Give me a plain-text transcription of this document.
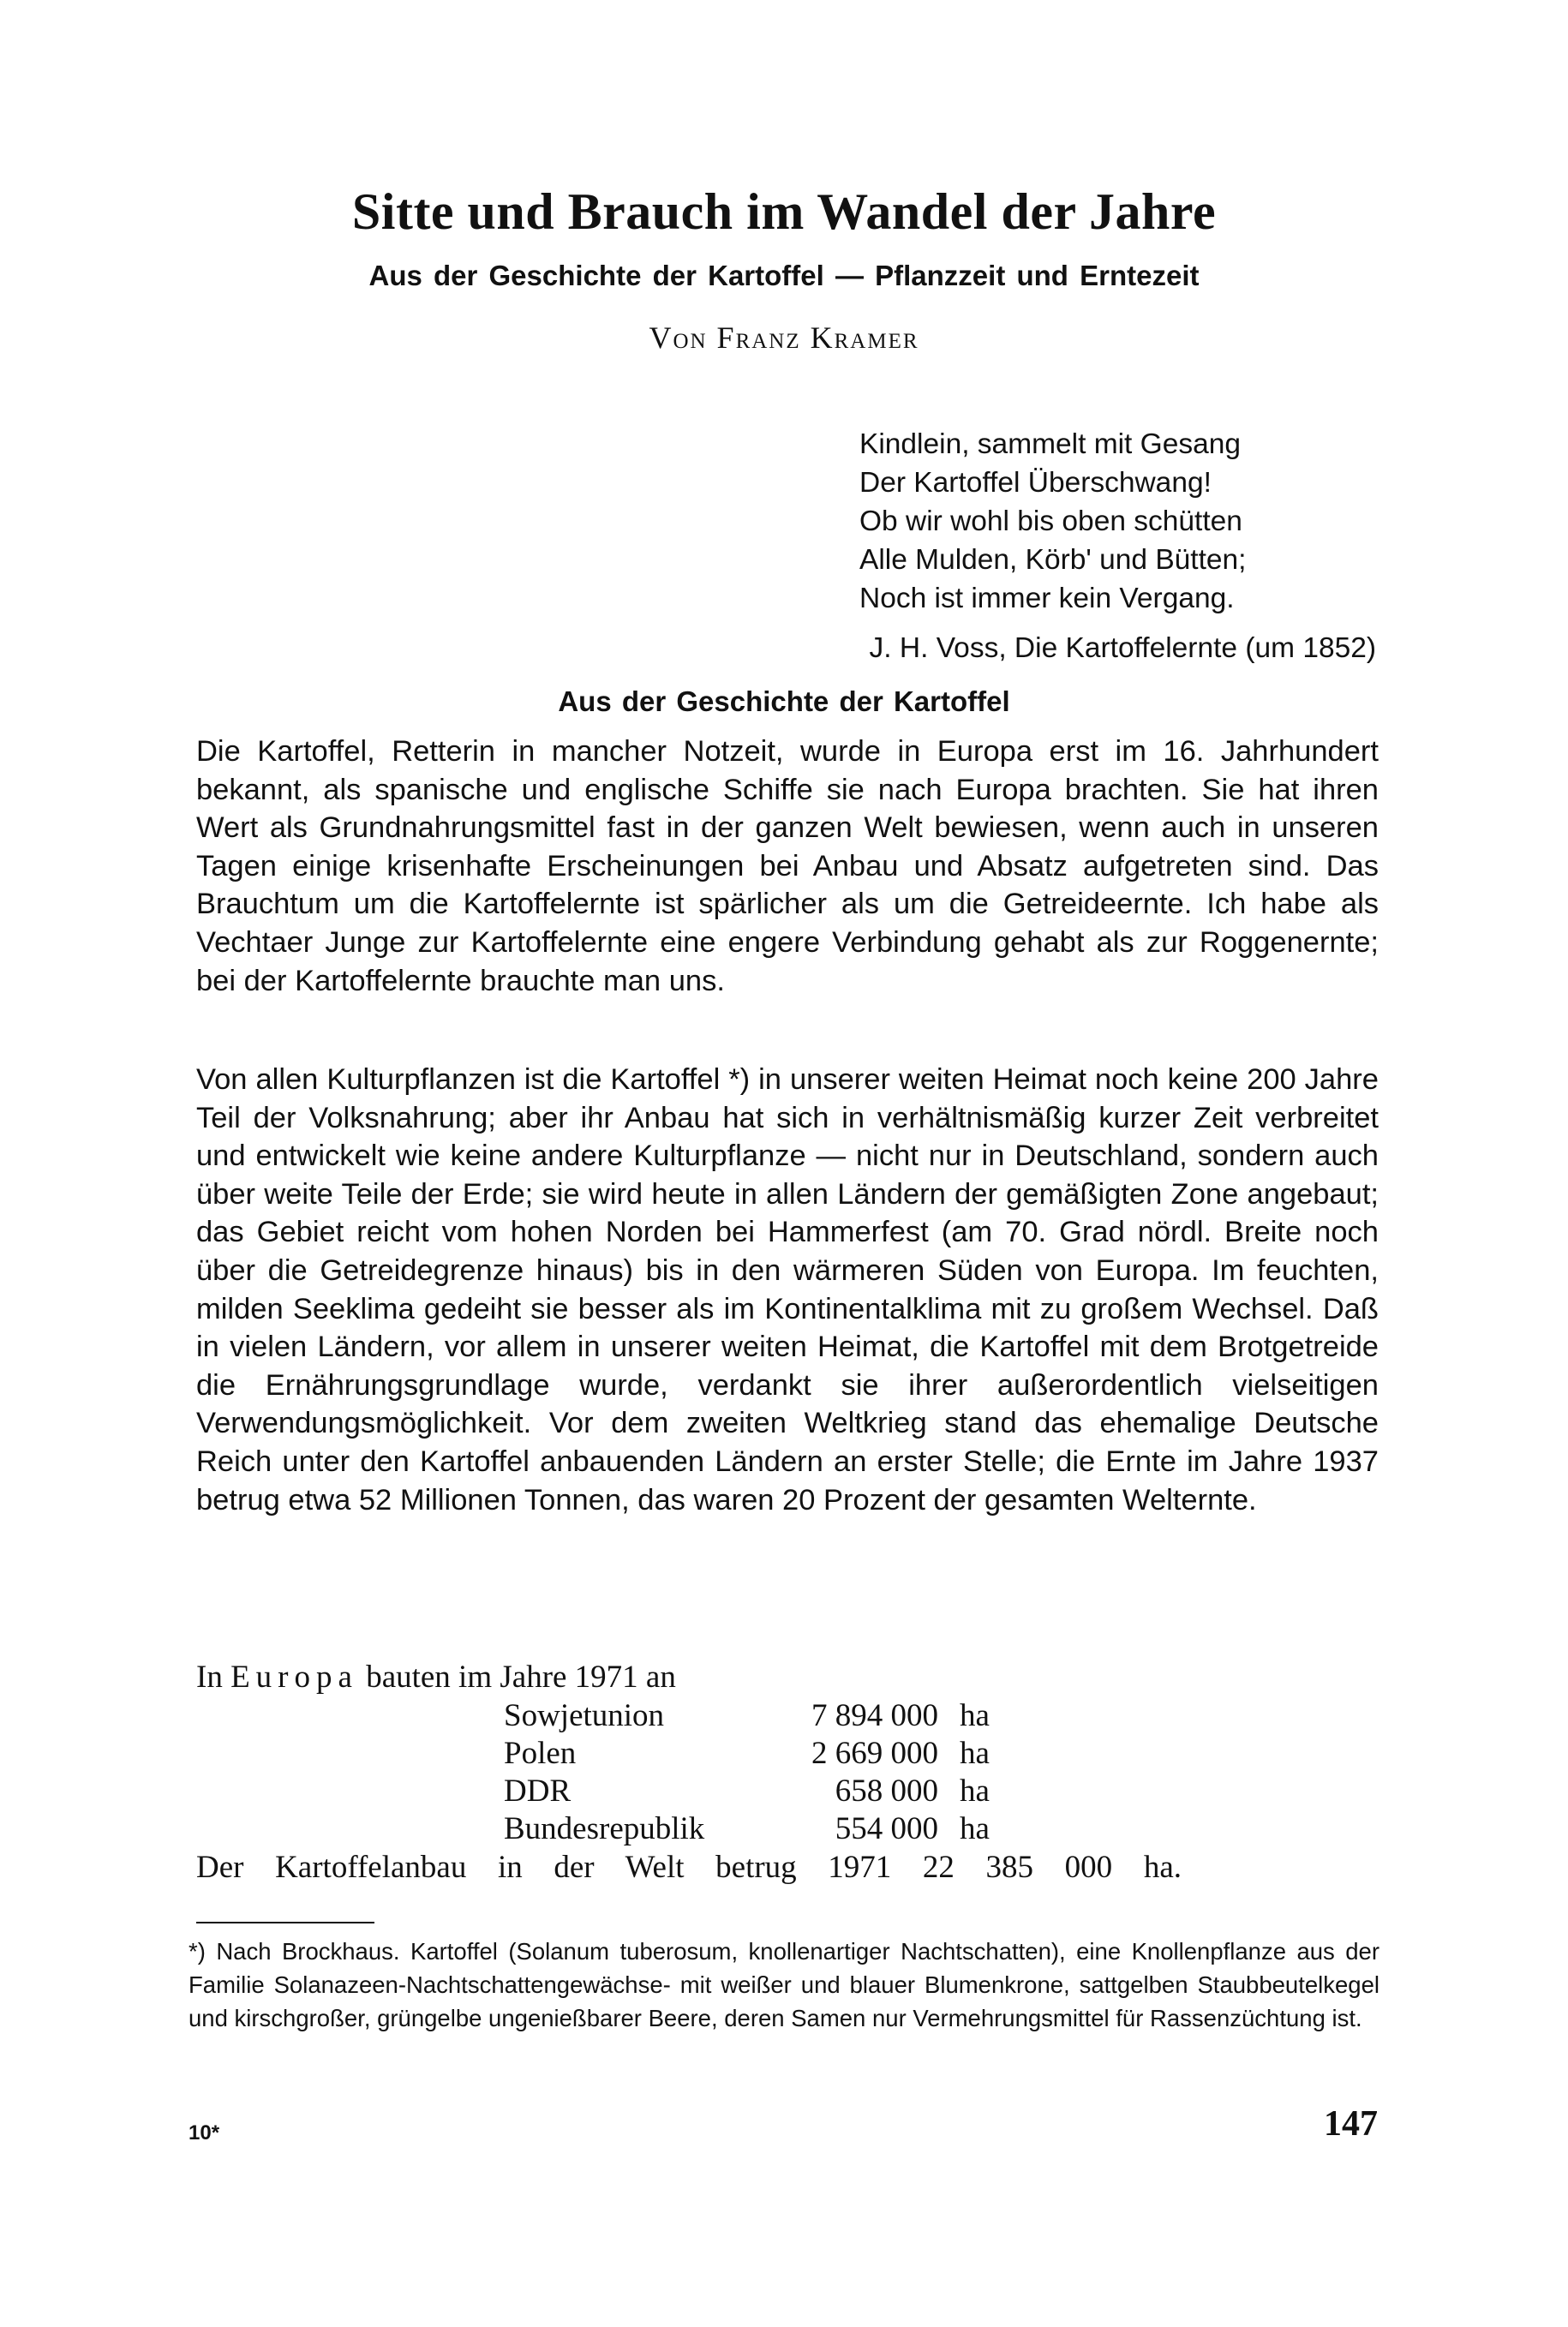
Sitte und Brauch im Wandel der Jahre
Aus der Geschichte der Kartoffel — Pflanzzeit und Erntezeit
Von Franz Kramer
Kindlein, sammelt mit Gesang
Der Kartoffel Überschwang!
Ob wir wohl bis oben schütten
Alle Mulden, Körb' und Bütten;
Noch ist immer kein Vergang.
J. H. Voss, Die Kartoffelernte (um 1852)
Aus der Geschichte der Kartoffel
Die Kartoffel, Retterin in mancher Notzeit, wurde in Europa erst im 16. Jahrhundert bekannt, als spanische und englische Schiffe sie nach Europa brachten. Sie hat ihren Wert als Grundnahrungsmittel fast in der ganzen Welt bewiesen, wenn auch in unseren Tagen einige krisenhafte Erscheinungen bei Anbau und Absatz aufgetreten sind. Das Brauchtum um die Kartoffelernte ist spärlicher als um die Getreideernte. Ich habe als Vechtaer Junge zur Kartoffelernte eine engere Verbindung gehabt als zur Roggenernte; bei der Kartoffelernte brauchte man uns.
Von allen Kulturpflanzen ist die Kartoffel *) in unserer weiten Heimat noch keine 200 Jahre Teil der Volksnahrung; aber ihr Anbau hat sich in verhältnismäßig kurzer Zeit verbreitet und entwickelt wie keine andere Kulturpflanze — nicht nur in Deutschland, sondern auch über weite Teile der Erde; sie wird heute in allen Ländern der gemäßigten Zone angebaut; das Gebiet reicht vom hohen Norden bei Hammerfest (am 70. Grad nördl. Breite noch über die Getreidegrenze hinaus) bis in den wärmeren Süden von Europa. Im feuchten, milden Seeklima gedeiht sie besser als im Kontinentalklima mit zu großem Wechsel. Daß in vielen Ländern, vor allem in unserer weiten Heimat, die Kartoffel mit dem Brotgetreide die Ernährungsgrundlage wurde, verdankt sie ihrer außerordentlich vielseitigen Verwendungsmöglichkeit. Vor dem zweiten Weltkrieg stand das ehemalige Deutsche Reich unter den Kartoffel anbauenden Ländern an erster Stelle; die Ernte im Jahre 1937 betrug etwa 52 Millionen Tonnen, das waren 20 Prozent der gesamten Welternte.
In Europa bauten im Jahre 1971 an
Sowjetunion	7 894 000 ha
Polen	2 669 000 ha
DDR	658 000 ha
Bundesrepublik	554 000 ha
Der Kartoffelanbau in der Welt betrug 1971 22 385 000 ha.
*) Nach Brockhaus. Kartoffel (Solanum tuberosum, knollenartiger Nachtschatten), eine Knollenpflanze aus der Familie Solanazeen-Nachtschattengewächse- mit weißer und blauer Blumenkrone, sattgelben Staubbeutelkegel und kirschgroßer, grüngelbe ungenießbarer Beere, deren Samen nur Vermehrungsmittel für Rassenzüchtung ist.
10*	147
